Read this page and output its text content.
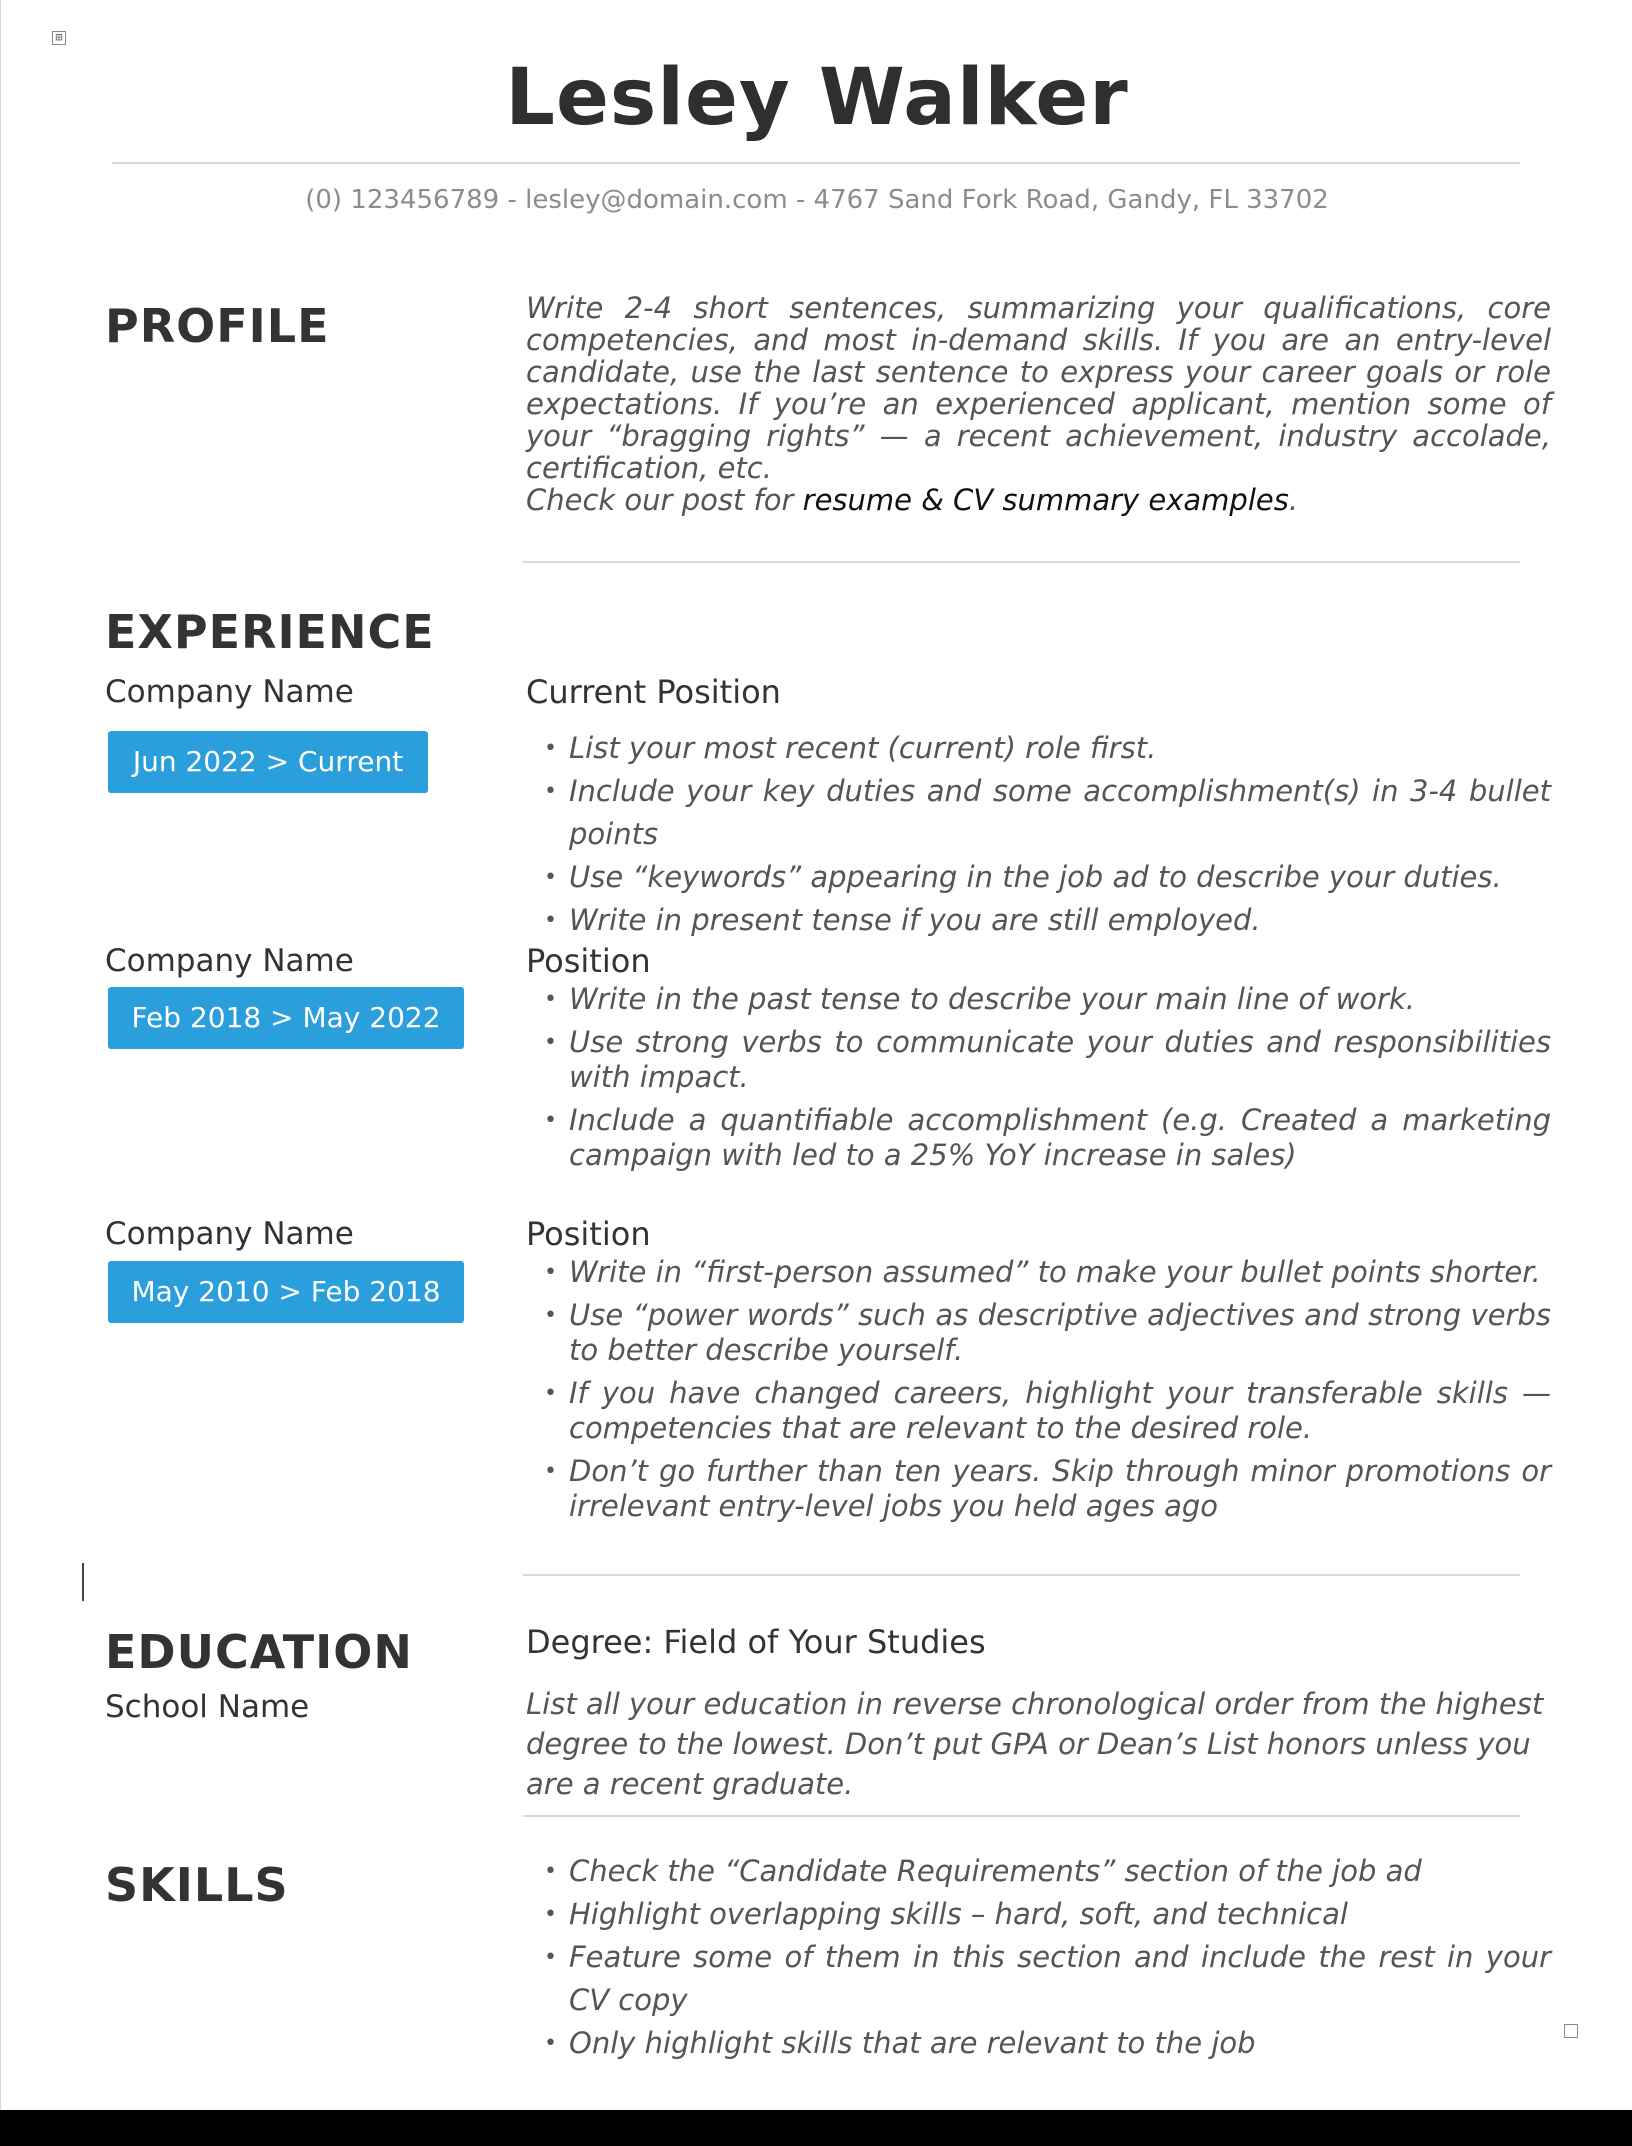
⊞
Lesley Walker
(0) 123456789 - lesley@domain.com - 4767 Sand Fork Road, Gandy, FL 33702
PROFILE	Write 2-4 short sentences, summarizing your qualifications, core competencies, and most in-demand skills. If you are an entry-level candidate, use the last sentence to express your career goals or role expectations. If you’re an experienced applicant, mention some of your “bragging rights” — a recent achievement, industry accolade, certification, etc.

Check our post for resume & CV summary examples.

EXPERIENCE
Company Name
Jun 2022 > Current
Current Position
• List your most recent (current) role first.
• Include your key duties and some accomplishment(s) in 3-4 bullet points
• Use “keywords” appearing in the job ad to describe your duties.
• Write in present tense if you are still employed.
Company Name
Feb 2018 > May 2022
Position
• Write in the past tense to describe your main line of work.
• Use strong verbs to communicate your duties and responsibilities with impact.
• Include a quantifiable accomplishment (e.g. Created a marketing campaign with led to a 25% YoY increase in sales)
Company Name
May 2010 > Feb 2018
Position
• Write in “first-person assumed” to make your bullet points shorter.
• Use “power words” such as descriptive adjectives and strong verbs to better describe yourself.
• If you have changed careers, highlight your transferable skills — competencies that are relevant to the desired role.
• Don’t go further than ten years. Skip through minor promotions or irrelevant entry-level jobs you held ages ago
EDUCATION
School Name
Degree: Field of Your Studies

List all your education in reverse chronological order from the highest degree to the lowest. Don’t put GPA or Dean’s List honors unless you are a recent graduate.

SKILLS	• Check the “Candidate Requirements” section of the job ad
• Highlight overlapping skills – hard, soft, and technical
• Feature some of them in this section and include the rest in your CV copy
• Only highlight skills that are relevant to the job
